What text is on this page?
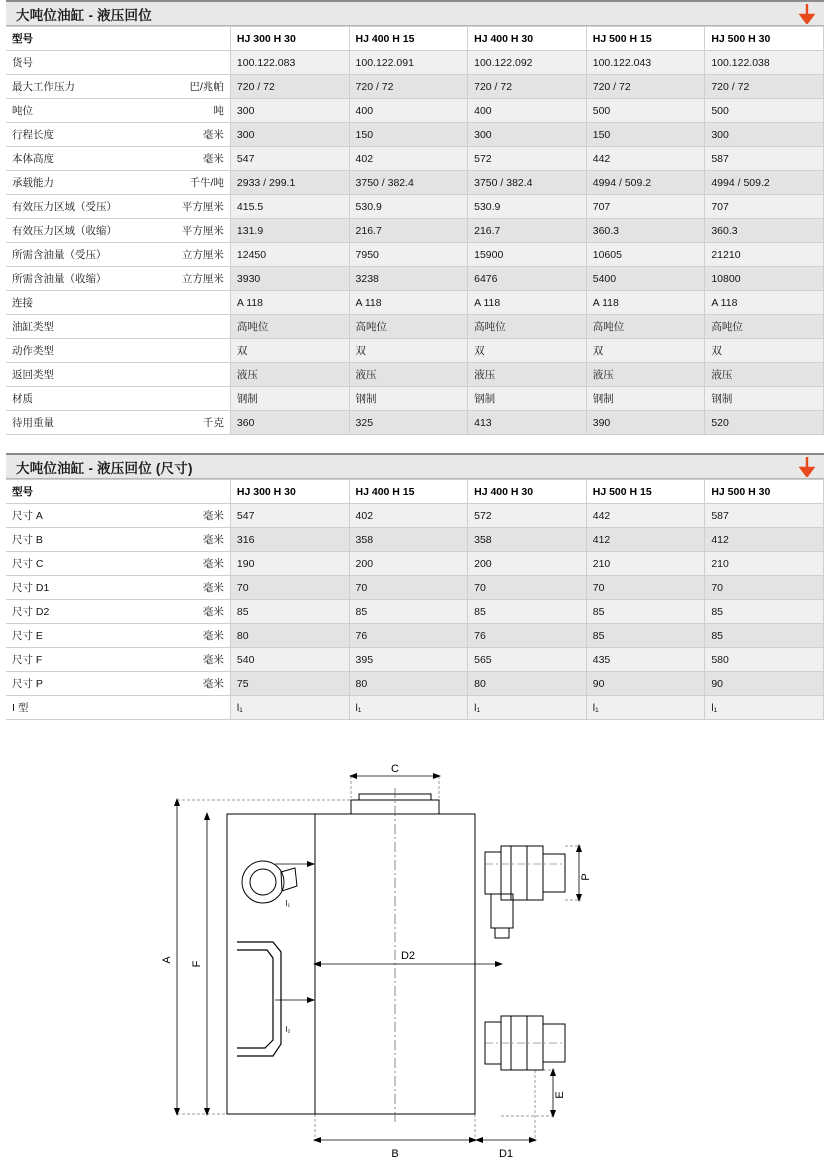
大吨位油缸 - 液压回位
型号		HJ 300 H 30	HJ 400 H 15	HJ 400 H 30	HJ 500 H 15	HJ 500 H 30
货号		100.122.083	100.122.091	100.122.092	100.122.043	100.122.038
最大工作压力	巴/兆帕	720 / 72	720 / 72	720 / 72	720 / 72	720 / 72
吨位	吨	300	400	400	500	500
行程长度	毫米	300	150	300	150	300
本体高度	毫米	547	402	572	442	587
承载能力	千牛/吨	2933 / 299.1	3750 / 382.4	3750 / 382.4	4994 / 509.2	4994 / 509.2
有效压力区域（受压）	平方厘米	415.5	530.9	530.9	707	707
有效压力区域（收缩）	平方厘米	131.9	216.7	216.7	360.3	360.3
所需含油量（受压）	立方厘米	12450	7950	15900	10605	21210
所需含油量（收缩）	立方厘米	3930	3238	6476	5400	10800
连接		A 118	A 118	A 118	A 118	A 118
油缸类型		高吨位	高吨位	高吨位	高吨位	高吨位
动作类型		双	双	双	双	双
返回类型		液压	液压	液压	液压	液压
材质		钢制	钢制	钢制	钢制	钢制
待用重量	千克	360	325	413	390	520
大吨位油缸 - 液压回位 (尺寸)
型号		HJ 300 H 30	HJ 400 H 15	HJ 400 H 30	HJ 500 H 15	HJ 500 H 30
尺寸 A	毫米	547	402	572	442	587
尺寸 B	毫米	316	358	358	412	412
尺寸 C	毫米	190	200	200	210	210
尺寸 D1	毫米	70	70	70	70	70
尺寸 D2	毫米	85	85	85	85	85
尺寸 E	毫米	80	76	76	85	85
尺寸 F	毫米	540	395	565	435	580
尺寸 P	毫米	75	80	80	90	90
I 型		l₁	l₁	l₁	l₁	l₁
A
F
C
P
D2
E
B	D1
l₁
l₂
